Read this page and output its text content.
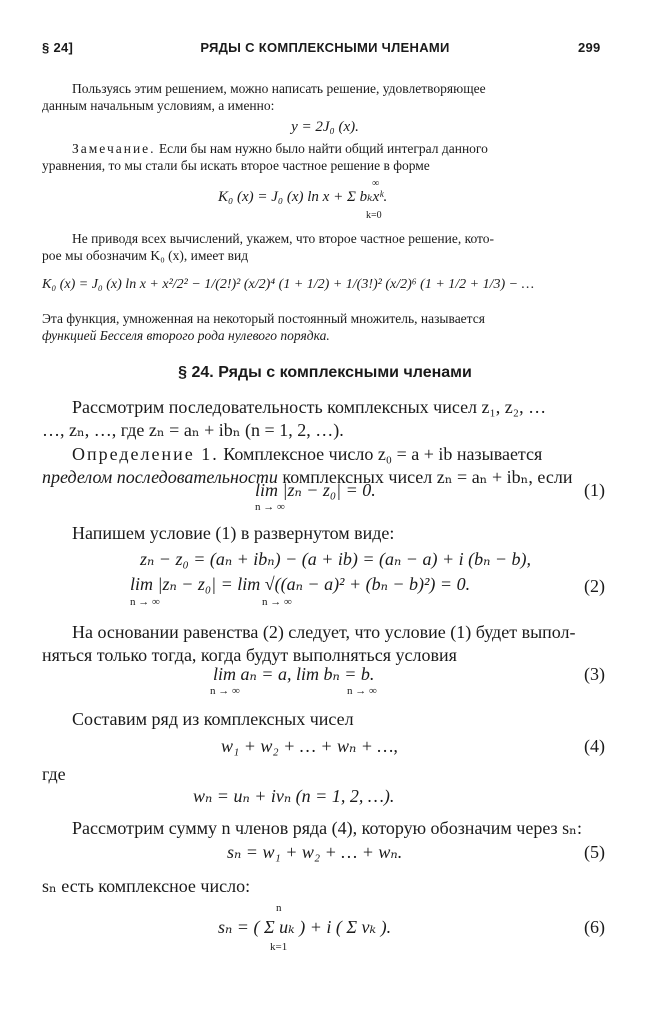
§ 24]	РЯДЫ С КОМПЛЕКСНЫМИ ЧЛЕНАМИ	299
Пользуясь этим решением, можно написать решение, удовлетворяющее
данным начальным условиям, а именно:
y = 2J₀ (x).
Замечание. Если бы нам нужно было найти общий интеграл данного
уравнения, то мы стали бы искать второе частное решение в форме
K₀ (x) = J₀ (x) ln x + Σ bₖxᵏ.
∞
k=0
Не приводя всех вычислений, укажем, что второе частное решение, кото-
рое мы обозначим K₀ (x), имеет вид
K₀ (x) = J₀ (x) ln x + x²/2² − 1/(2!)² (x/2)⁴ (1 + 1/2) + 1/(3!)² (x/2)⁶ (1 + 1/2 + 1/3) − …
Эта функция, умноженная на некоторый постоянный множитель, называется
функцией Бесселя второго рода нулевого порядка.
§ 24. Ряды с комплексными членами
Рассмотрим последовательность комплексных чисел z₁, z₂, …
…, zₙ, …, где zₙ = aₙ + ibₙ (n = 1, 2, …).
Определение 1. Комплексное число z₀ = a + ib называется
пределом последовательности комплексных чисел zₙ = aₙ + ibₙ, если
lim |zₙ − z₀| = 0.
n → ∞
(1)
Напишем условие (1) в развернутом виде:
zₙ − z₀ = (aₙ + ibₙ) − (a + ib) = (aₙ − a) + i (bₙ − b),
lim |zₙ − z₀| = lim √((aₙ − a)² + (bₙ − b)²) = 0.
n → ∞	n → ∞
(2)
На основании равенства (2) следует, что условие (1) будет выпол-
няться только тогда, когда будут выполняться условия
lim aₙ = a, lim bₙ = b.
n → ∞	n → ∞
(3)
Составим ряд из комплексных чисел
w₁ + w₂ + … + wₙ + …,	(4)
где
wₙ = uₙ + ivₙ (n = 1, 2, …).
Рассмотрим сумму n членов ряда (4), которую обозначим через sₙ:
sₙ = w₁ + w₂ + … + wₙ.	(5)
sₙ есть комплексное число:
sₙ = ( Σ uₖ ) + i ( Σ vₖ ).
n
k=1
(6)
